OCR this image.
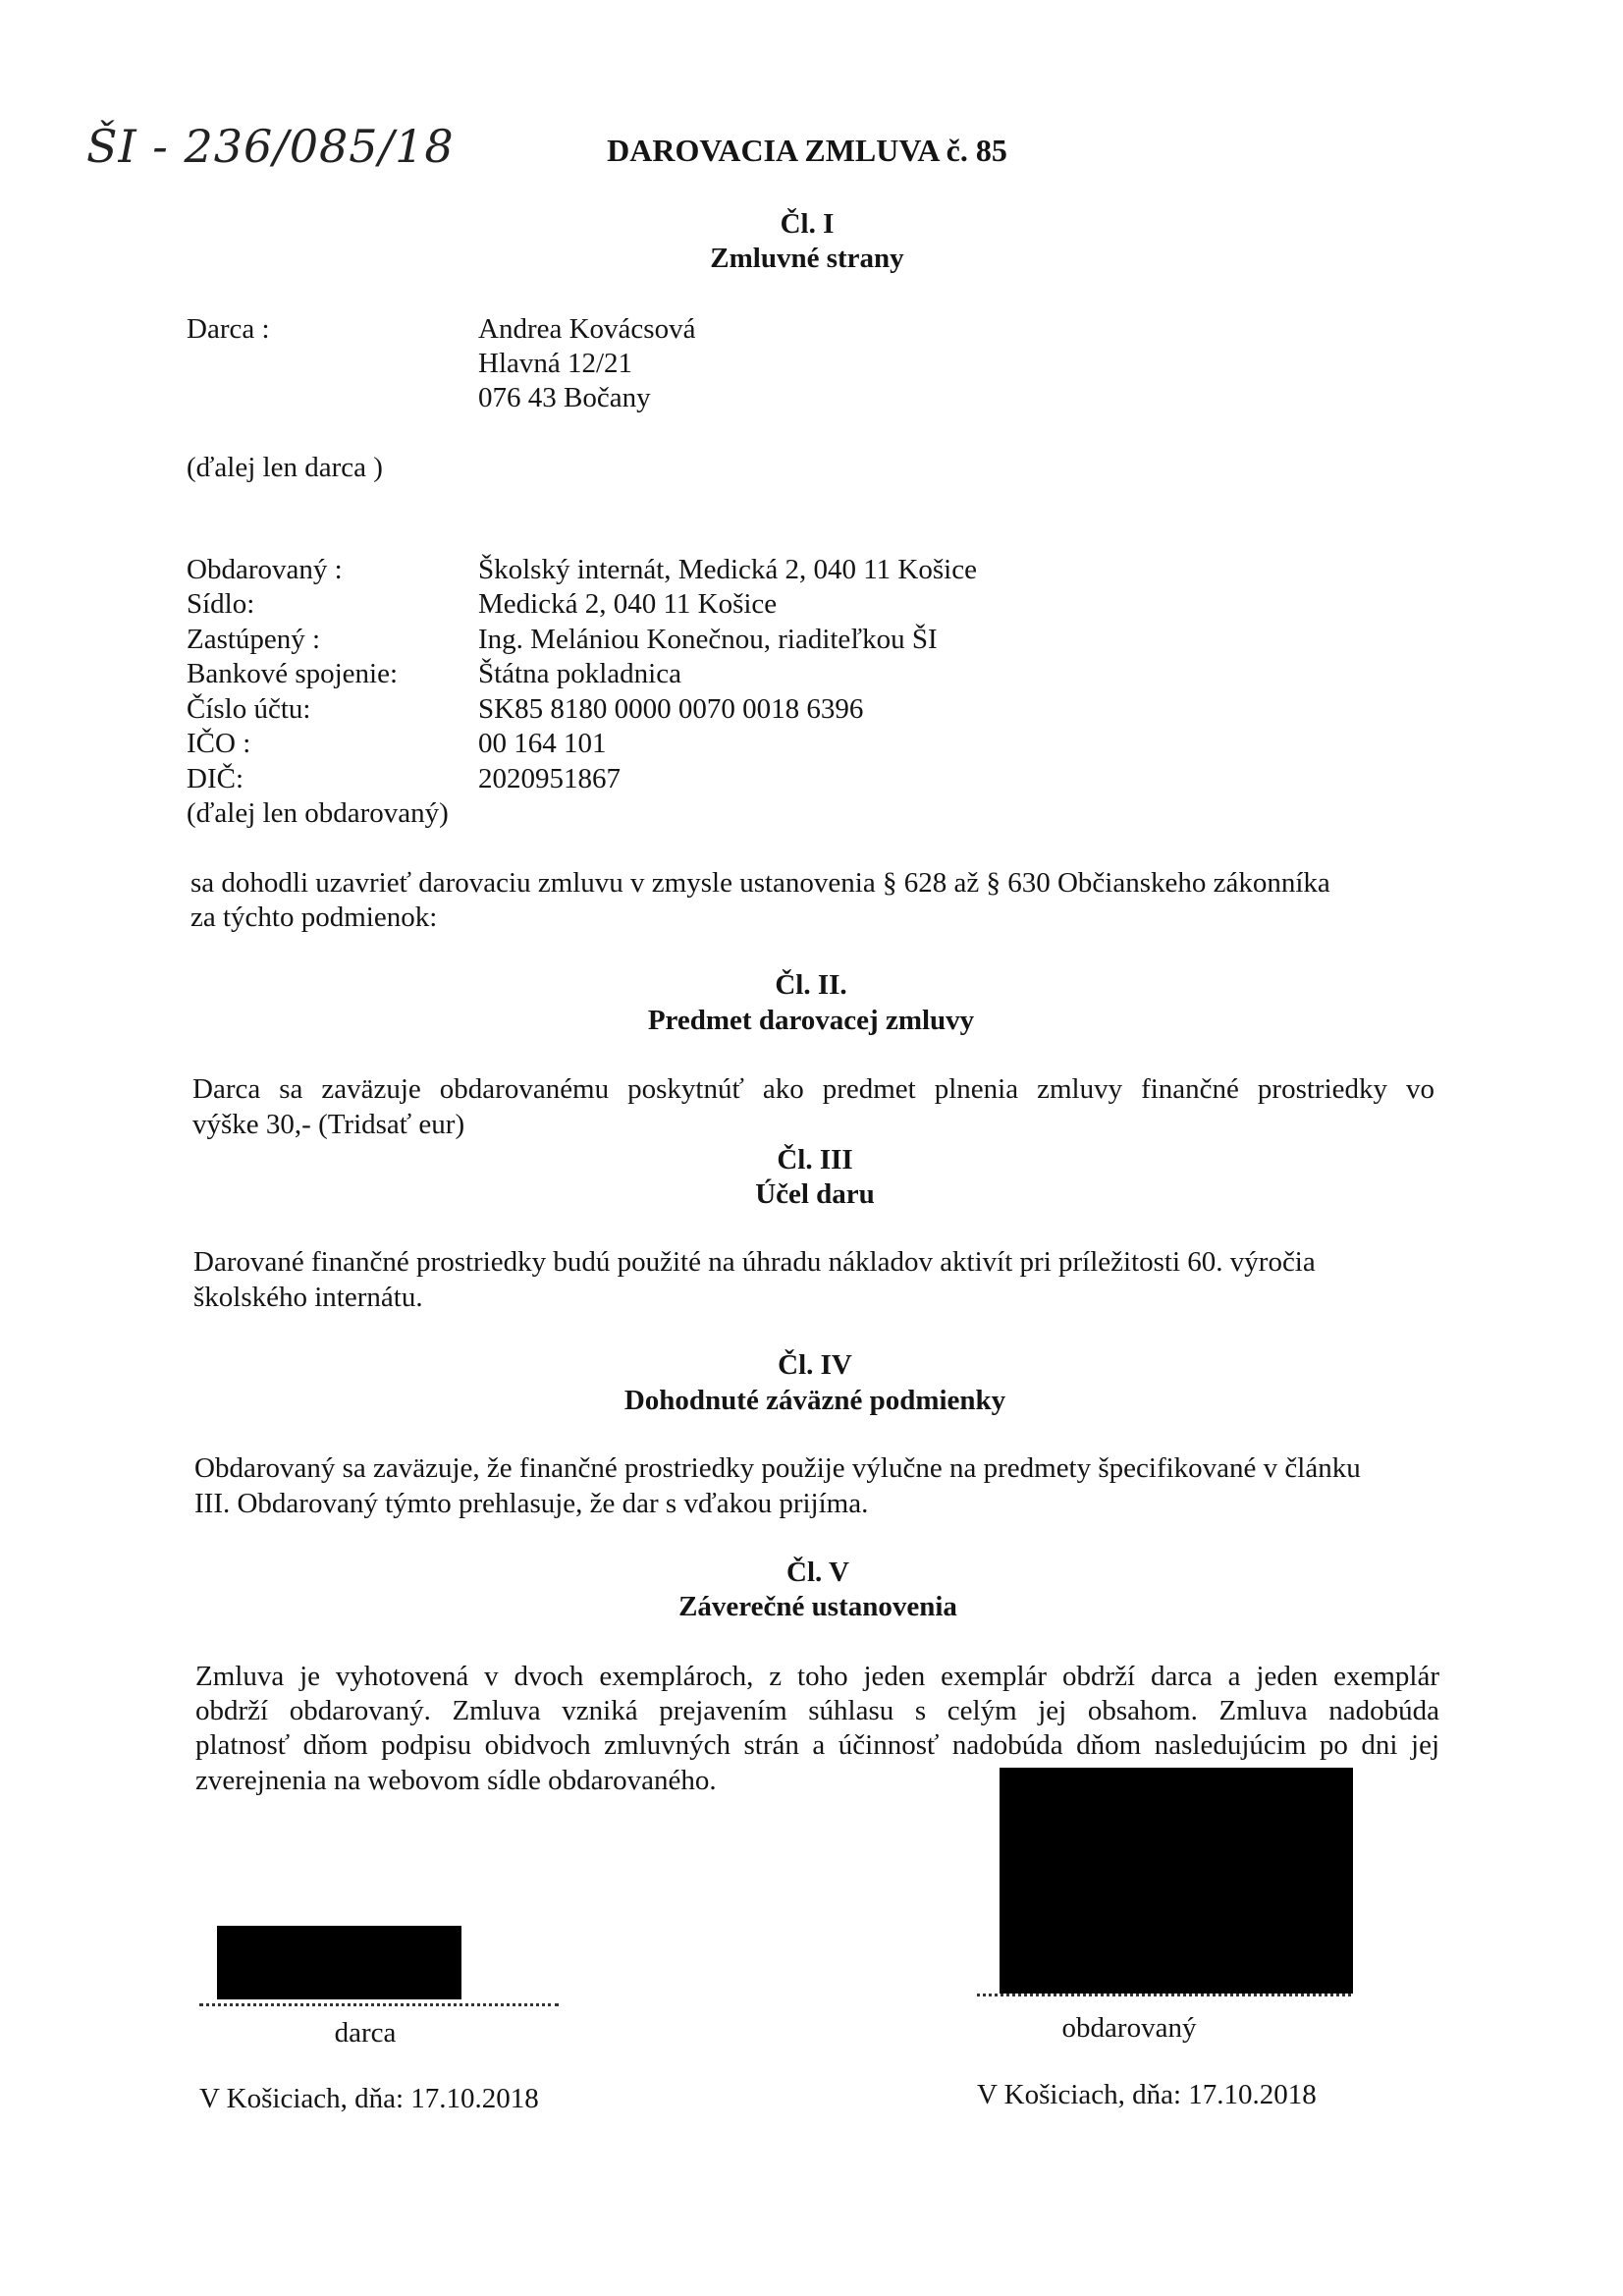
ŠI - 236/085/18	DAROVACIA ZMLUVA č. 85
Čl. I
Zmluvné strany
Darca :	Andrea Kovácsová
Hlavná 12/21
076 43 Bočany
(ďalej len darca )
Obdarovaný :	Školský internát, Medická 2, 040 11 Košice
Sídlo:	Medická 2, 040 11 Košice
Zastúpený :	Ing. Melániou Konečnou, riaditeľkou ŠI
Bankové spojenie:	Štátna pokladnica
Číslo účtu:	SK85 8180 0000 0070 0018 6396
IČO :	00 164 101
DIČ:	2020951867
(ďalej len obdarovaný)
sa dohodli uzavrieť darovaciu zmluvu v zmysle ustanovenia § 628 až § 630 Občianskeho zákonníka
za týchto podmienok:
Čl. II.
Predmet darovacej zmluvy
Darca sa zaväzuje obdarovanému poskytnúť ako predmet plnenia zmluvy finančné prostriedky vo
výške 30,- (Tridsať eur)
Čl. III
Účel daru
Darované finančné prostriedky budú použité na úhradu nákladov aktivít pri príležitosti 60. výročia
školského internátu.
Čl. IV
Dohodnuté záväzné podmienky
Obdarovaný sa zaväzuje, že finančné prostriedky použije výlučne na predmety špecifikované v článku
III. Obdarovaný týmto prehlasuje, že dar s vďakou prijíma.
Čl. V
Záverečné ustanovenia
Zmluva je vyhotovená v dvoch exemplároch, z toho jeden exemplár obdrží darca a jeden exemplár
obdrží obdarovaný. Zmluva vzniká prejavením súhlasu s celým jej obsahom. Zmluva nadobúda
platnosť dňom podpisu obidvoch zmluvných strán a účinnosť nadobúda dňom nasledujúcim po dni jej
zverejnenia na webovom sídle obdarovaného.
darca	obdarovaný
V Košiciach, dňa: 17.10.2018	V Košiciach, dňa: 17.10.2018
